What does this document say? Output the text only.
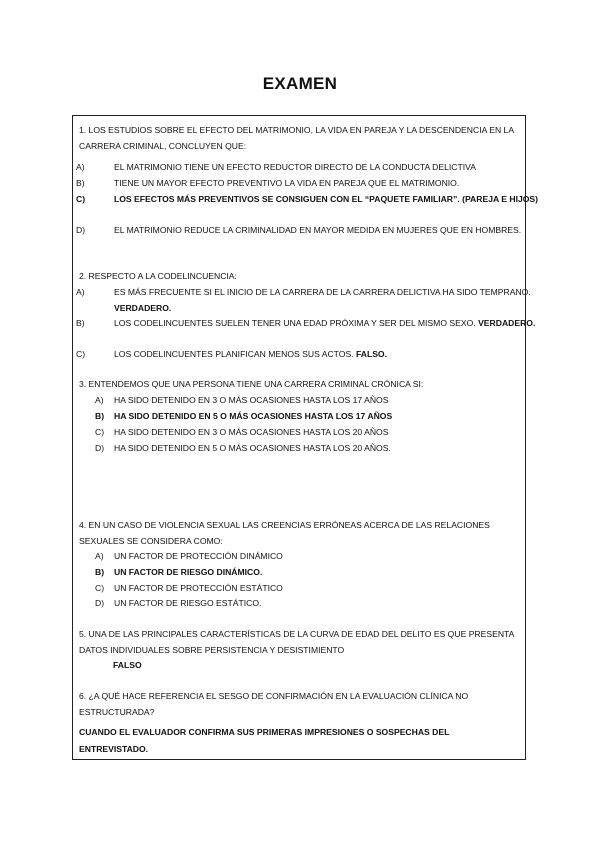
EXAMEN
1. LOS ESTUDIOS SOBRE EL EFECTO DEL MATRIMONIO, LA VIDA EN PAREJA Y LA DESCENDENCIA EN LA CARRERA CRIMINAL, CONCLUYEN QUE:
A)	EL MATRIMONIO TIENE UN EFECTO REDUCTOR DIRECTO DE LA CONDUCTA DELICTIVA
B)	TIENE UN MAYOR EFECTO PREVENTIVO LA VIDA EN PAREJA QUE EL MATRIMONIO.
C)	LOS EFECTOS MÁS PREVENTIVOS SE CONSIGUEN CON EL “PAQUETE FAMILIAR”. (PAREJA E HIJOS)
D)	EL MATRIMONIO REDUCE LA CRIMINALIDAD EN MAYOR MEDIDA EN MUJERES QUE EN HOMBRES.
2. RESPECTO A LA CODELINCUENCIA:
A)	ES MÁS FRECUENTE SI EL INICIO DE LA CARRERA DE LA CARRERA DELICTIVA HA SIDO TEMPRANO. VERDADERO.
B)	LOS CODELINCUENTES SUELEN TENER UNA EDAD PRÓXIMA Y SER DEL MISMO SEXO. VERDADERO.
C)	LOS CODELINCUENTES PLANIFICAN MENOS SUS ACTOS. FALSO.
3. ENTENDEMOS QUE UNA PERSONA TIENE UNA CARRERA CRIMINAL CRÓNICA SI:
A) HA SIDO DETENIDO EN 3 O MÁS OCASIONES HASTA LOS 17 AÑOS
B) HA SIDO DETENIDO EN 5 O MÁS OCASIONES HASTA LOS 17 AÑOS
C) HA SIDO DETENIDO EN 3 O MÁS OCASIONES HASTA LOS 20 AÑOS
D) HA SIDO DETENIDO EN 5 O MÁS OCASIONES HASTA LOS 20 AÑOS.
4. EN UN CASO DE VIOLENCIA SEXUAL LAS CREENCIAS ERRÓNEAS ACERCA DE LAS RELACIONES SEXUALES SE CONSIDERA COMO:
A) UN FACTOR DE PROTECCIÓN DINÁMICO
B) UN FACTOR DE RIESGO DINÁMICO.
C) UN FACTOR DE PROTECCIÓN ESTÁTICO
D) UN FACTOR DE RIESGO ESTÁTICO.
5. UNA DE LAS PRINCIPALES CARACTERÍSTICAS DE LA CURVA DE EDAD DEL DELITO ES QUE PRESENTA DATOS INDIVIDUALES SOBRE PERSISTENCIA Y DESISTIMIENTO
FALSO
6. ¿A QUÉ HACE REFERENCIA EL SESGO DE CONFIRMACIÓN EN LA EVALUACIÓN CLÍNICA NO ESTRUCTURADA?
CUANDO EL EVALUADOR CONFIRMA SUS PRIMERAS IMPRESIONES O SOSPECHAS DEL ENTREVISTADO.
